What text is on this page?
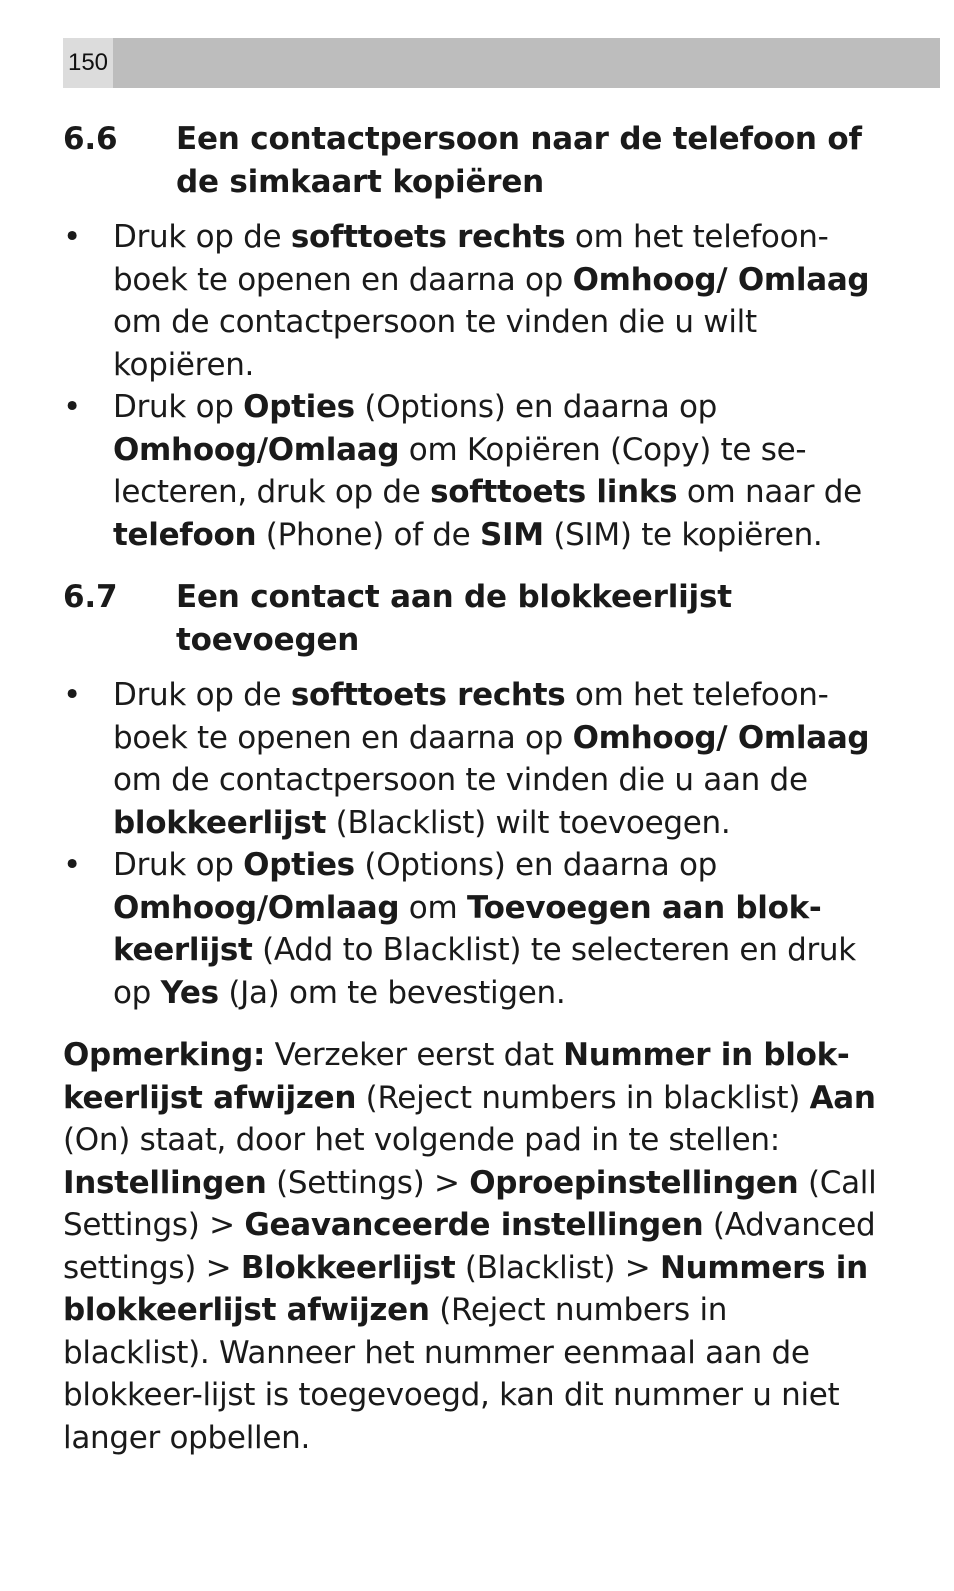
150
6.6	Een contactpersoon naar de telefoon of de simkaart kopiëren
• Druk op de softtoets rechts om het telefoon-boek te openen en daarna op Omhoog/ Omlaag om de contactpersoon te vinden die u wilt kopiëren.
• Druk op Opties (Options) en daarna op Omhoog/Omlaag om Kopiëren (Copy) te se-lecteren, druk op de softtoets links om naar de telefoon (Phone) of de SIM (SIM) te kopiëren.
6.7	Een contact aan de blokkeerlijst toevoegen
• Druk op de softtoets rechts om het telefoon-boek te openen en daarna op Omhoog/ Omlaag om de contactpersoon te vinden die u aan de blokkeerlijst (Blacklist) wilt toevoegen.
• Druk op Opties (Options) en daarna op Omhoog/Omlaag om Toevoegen aan blok-keerlijst (Add to Blacklist) te selecteren en druk op Yes (Ja) om te bevestigen.

Opmerking: Verzeker eerst dat Nummer in blok-keerlijst afwijzen (Reject numbers in blacklist) Aan (On) staat, door het volgende pad in te stellen: Instellingen (Settings) > Oproepinstellingen (Call Settings) > Geavanceerde instellingen (Advanced settings) > Blokkeerlijst (Blacklist) > Nummers in blokkeerlijst afwijzen (Reject numbers in blacklist). Wanneer het nummer eenmaal aan de blokkeer-lijst is toegevoegd, kan dit nummer u niet langer opbellen.
